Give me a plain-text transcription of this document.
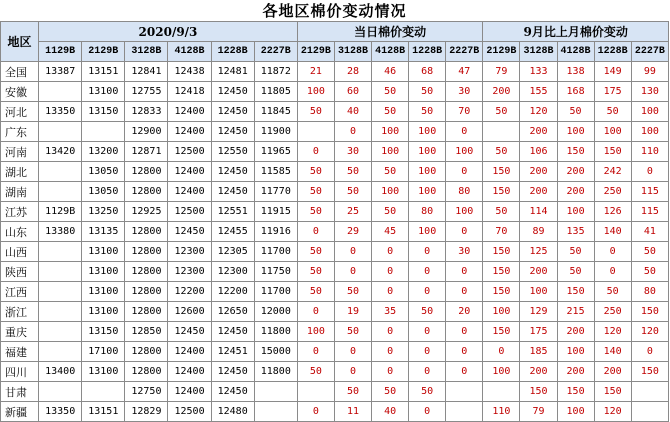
各地区棉价变动情况																
地区	2020/9/3						当日棉价变动					9月比上月棉价变动				
	1129B	2129B	3128B	4128B	1228B	2227B	2129B	3128B	4128B	1228B	2227B	2129B	3128B	4128B	1228B	2227B
全国	13387	13151	12841	12438	12481	11872	21	28	46	68	47	79	133	138	149	99
安徽		13100	12755	12418	12450	11805	100	60	50	50	30	200	155	168	175	130
河北	13350	13150	12833	12400	12450	11845	50	40	50	50	70	50	120	50	50	100
广东			12900	12400	12450	11900		0	100	100	0		200	100	100	100
河南	13420	13200	12871	12500	12550	11965	0	30	100	100	100	50	106	150	150	110
湖北		13050	12800	12400	12450	11585	50	50	50	100	0	150	200	200	242	0
湖南		13050	12800	12400	12450	11770	50	50	100	100	80	150	200	200	250	115
江苏	1129B	13250	12925	12500	12551	11915	50	25	50	80	100	50	114	100	126	115
山东	13380	13135	12800	12450	12455	11916	0	29	45	100	0	70	89	135	140	41
山西		13100	12800	12300	12305	11700	50	0	0	0	30	150	125	50	0	50
陕西		13100	12800	12300	12300	11750	50	0	0	0	0	150	200	50	0	50
江西		13100	12800	12200	12200	11700	50	50	0	0	0	150	100	150	50	80
浙江		13100	12800	12600	12650	12000	0	19	35	50	20	100	129	215	250	150
重庆		13150	12850	12450	12450	11800	100	50	0	0	0	150	175	200	120	120
福建		17100	12800	12400	12451	15000	0	0	0	0	0	0	185	100	140	0
四川	13400	13100	12800	12400	12450	11800	50	0	0	0	0	100	200	200	200	150
甘肃			12750	12400	12450			50	50	50			150	150	150	
新疆	13350	13151	12829	12500	12480		0	11	40	0		110	79	100	120	
